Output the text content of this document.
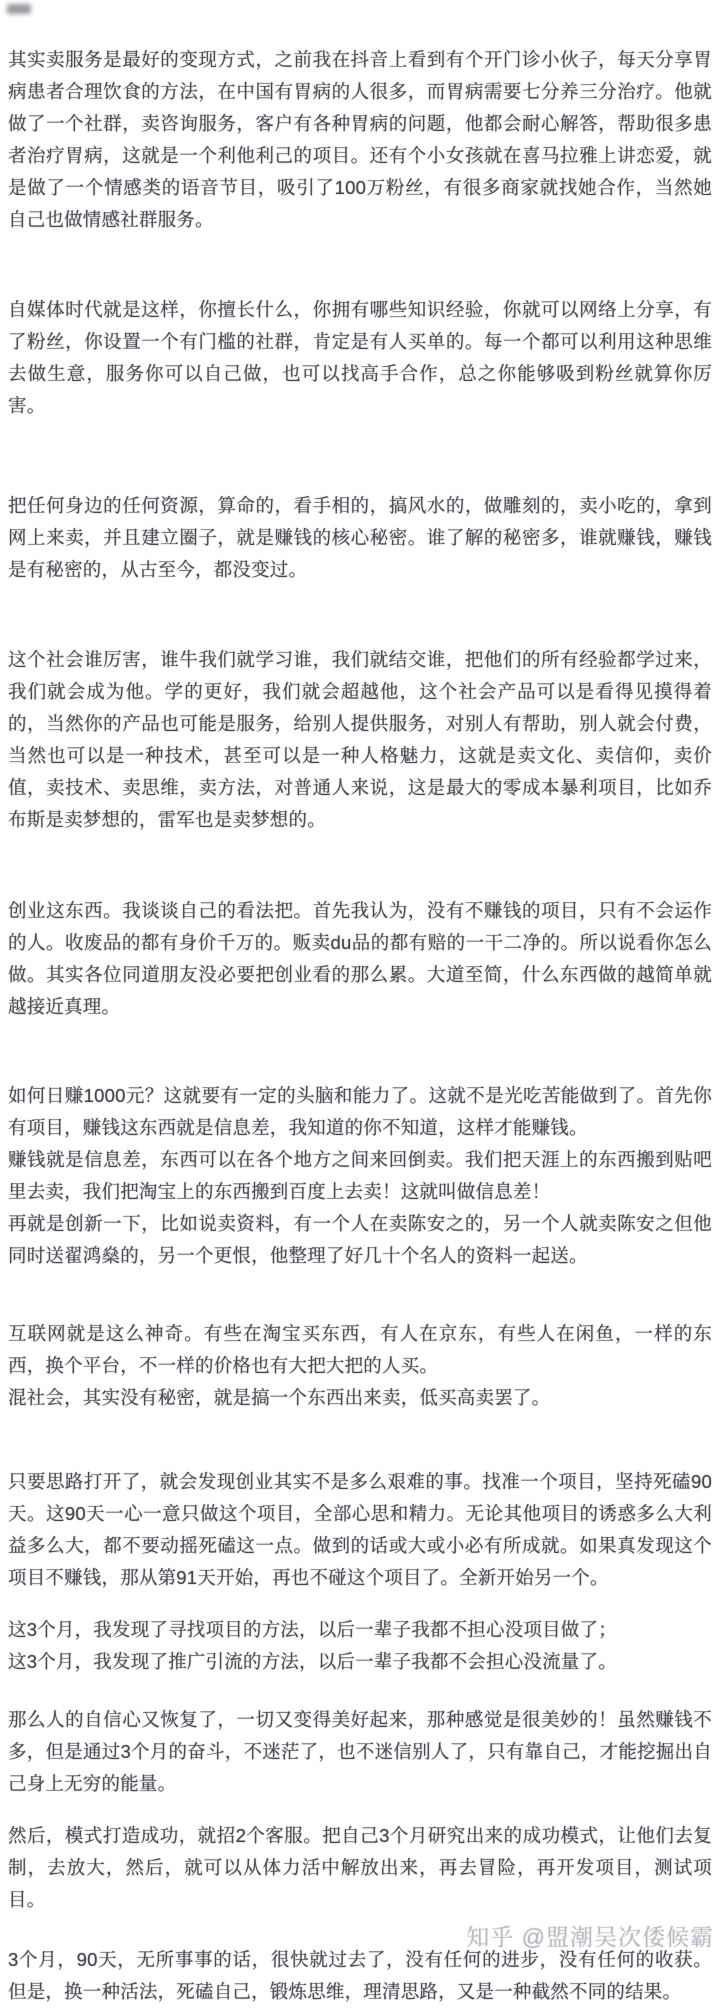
其实卖服务是最好的变现方式，之前我在抖音上看到有个开门诊小伙子，每天分享胃病患者合理饮食的方法，在中国有胃病的人很多，而胃病需要七分养三分治疗。他就做了一个社群，卖咨询服务，客户有各种胃病的问题，他都会耐心解答，帮助很多患者治疗胃病，这就是一个利他利己的项目。还有个小女孩就在喜马拉雅上讲恋爱，就是做了一个情感类的语音节目，吸引了100万粉丝，有很多商家就找她合作，当然她自己也做情感社群服务。

自媒体时代就是这样，你擅长什么，你拥有哪些知识经验，你就可以网络上分享，有了粉丝，你设置一个有门槛的社群，肯定是有人买单的。每一个都可以利用这种思维去做生意，服务你可以自己做，也可以找高手合作，总之你能够吸到粉丝就算你厉害。

把任何身边的任何资源，算命的，看手相的，搞风水的，做雕刻的，卖小吃的，拿到网上来卖，并且建立圈子，就是赚钱的核心秘密。谁了解的秘密多，谁就赚钱，赚钱是有秘密的，从古至今，都没变过。

这个社会谁厉害，谁牛我们就学习谁，我们就结交谁，把他们的所有经验都学过来，我们就会成为他。学的更好，我们就会超越他，这个社会产品可以是看得见摸得着的，当然你的产品也可能是服务，给别人提供服务，对别人有帮助，别人就会付费，当然也可以是一种技术，甚至可以是一种人格魅力，这就是卖文化、卖信仰，卖价值，卖技术、卖思维，卖方法，对普通人来说，这是最大的零成本暴利项目，比如乔布斯是卖梦想的，雷军也是卖梦想的。

创业这东西。我谈谈自己的看法把。首先我认为，没有不赚钱的项目，只有不会运作的人。收废品的都有身价千万的。贩卖du品的都有赔的一干二净的。所以说看你怎么做。其实各位同道朋友没必要把创业看的那么累。大道至简，什么东西做的越简单就越接近真理。

如何日赚1000元？这就要有一定的头脑和能力了。这就不是光吃苦能做到了。首先你有项目，赚钱这东西就是信息差，我知道的你不知道，这样才能赚钱。

赚钱就是信息差，东西可以在各个地方之间来回倒卖。我们把天涯上的东西搬到贴吧里去卖，我们把淘宝上的东西搬到百度上去卖！这就叫做信息差！

再就是创新一下，比如说卖资料，有一个人在卖陈安之的，另一个人就卖陈安之但他同时送翟鸿燊的，另一个更恨，他整理了好几十个名人的资料一起送。

互联网就是这么神奇。有些在淘宝买东西，有人在京东，有些人在闲鱼，一样的东西，换个平台，不一样的价格也有大把大把的人买。

混社会，其实没有秘密，就是搞一个东西出来卖，低买高卖罢了。

只要思路打开了，就会发现创业其实不是多么艰难的事。找准一个项目，坚持死磕90天。这90天一心一意只做这个项目，全部心思和精力。无论其他项目的诱惑多么大利益多么大，都不要动摇死磕这一点。做到的话或大或小必有所成就。如果真发现这个项目不赚钱，那从第91天开始，再也不碰这个项目了。全新开始另一个。

这3个月，我发现了寻找项目的方法，以后一辈子我都不担心没项目做了；

这3个月，我发现了推广引流的方法，以后一辈子我都不会担心没流量了。

那么人的自信心又恢复了，一切又变得美好起来，那种感觉是很美妙的！虽然赚钱不多，但是通过3个月的奋斗，不迷茫了，也不迷信别人了，只有靠自己，才能挖掘出自己身上无穷的能量。

然后，模式打造成功，就招2个客服。把自己3个月研究出来的成功模式，让他们去复制，去放大，然后，就可以从体力活中解放出来，再去冒险，再开发项目，测试项目。

3个月，90天，无所事事的话，很快就过去了，没有任何的进步，没有任何的收获。但是，换一种活法，死磕自己，锻炼思维，理清思路，又是一种截然不同的结果。

知乎 @盟潮吴次倭候霸
